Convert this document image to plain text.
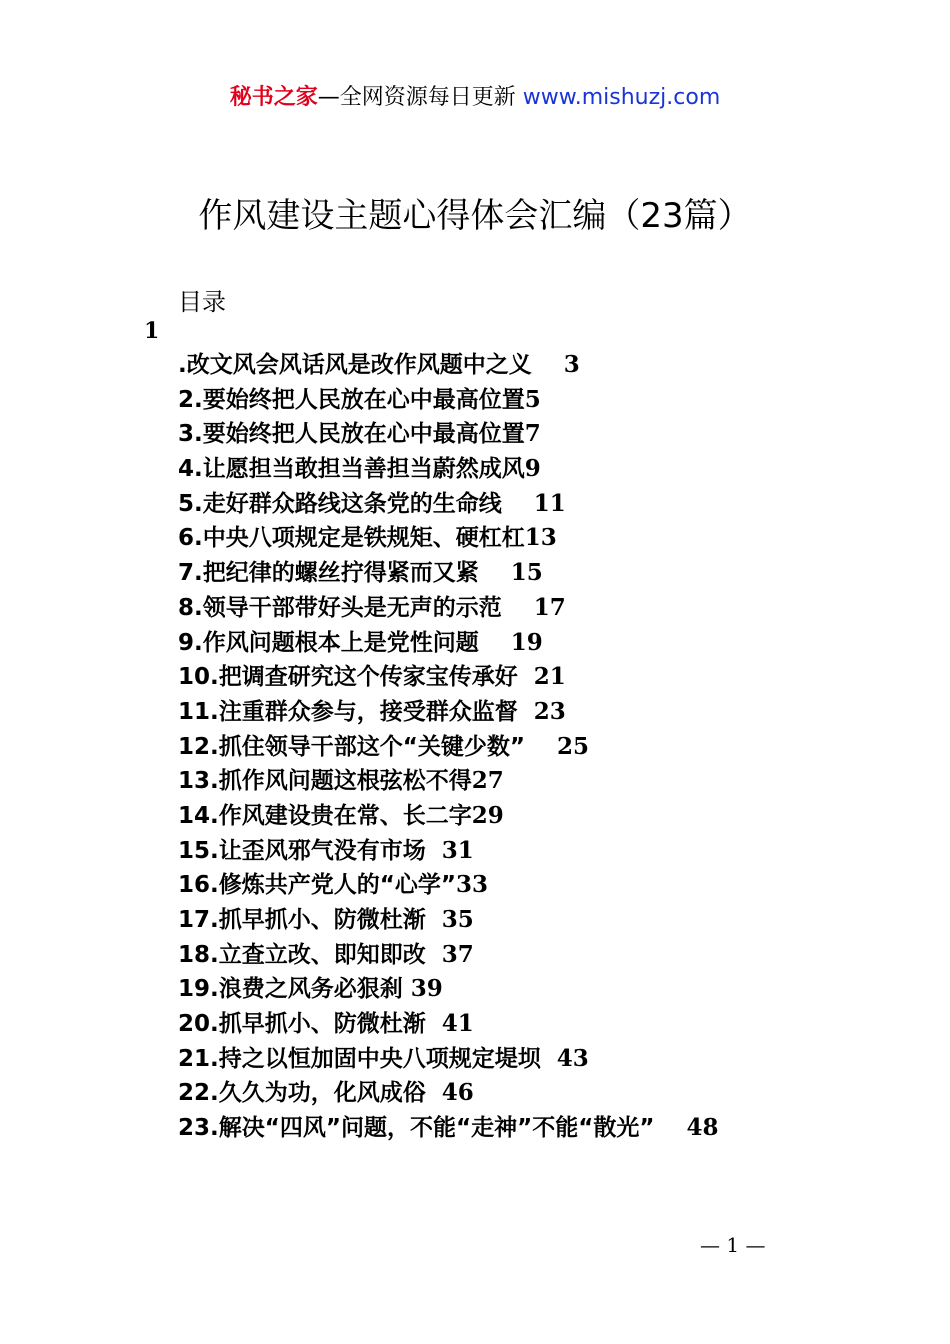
秘书之家—全网资源每日更新 www.mishuzj.com
作风建设主题心得体会汇编（23篇）
目录
1
.改文风会风话风是改作风题中之义 3
2.要始终把人民放在心中最高位置5
3.要始终把人民放在心中最高位置7
4.让愿担当敢担当善担当蔚然成风9
5.走好群众路线这条党的生命线 11
6.中央八项规定是铁规矩、硬杠杠13
7.把纪律的螺丝拧得紧而又紧 15
8.领导干部带好头是无声的示范 17
9.作风问题根本上是党性问题 19
10.把调查研究这个传家宝传承好 21
11.注重群众参与，接受群众监督 23
12.抓住领导干部这个“关键少数” 25
13.抓作风问题这根弦松不得27
14.作风建设贵在常、长二字29
15.让歪风邪气没有市场 31
16.修炼共产党人的“心学”33
17.抓早抓小、防微杜渐 35
18.立查立改、即知即改 37
19.浪费之风务必狠刹 39
20.抓早抓小、防微杜渐 41
21.持之以恒加固中央八项规定堤坝 43
22.久久为功，化风成俗 46
23.解决“四风”问题，不能“走神”不能“散光” 48
— 1 —
